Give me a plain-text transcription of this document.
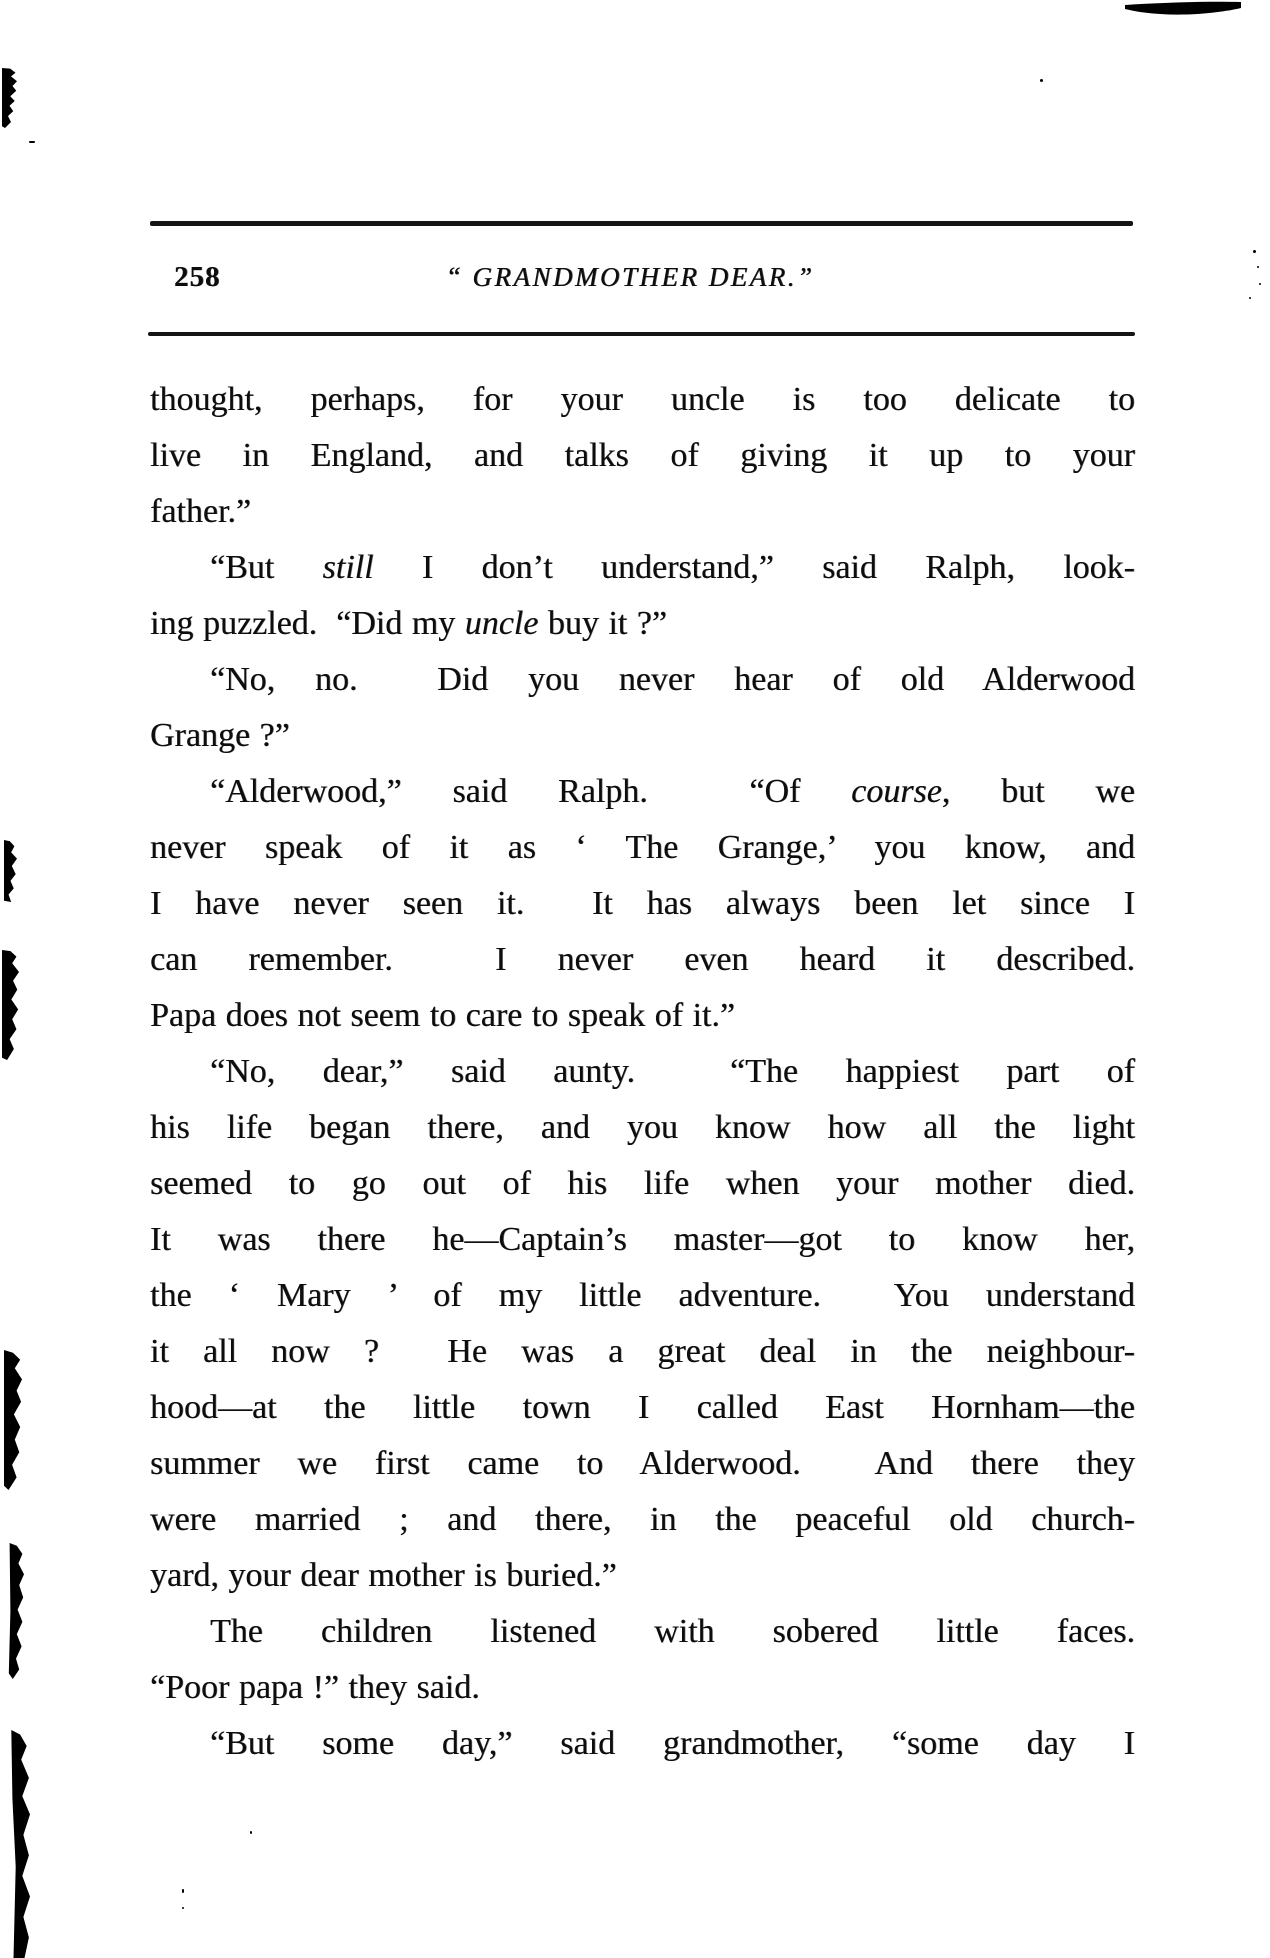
258	“ GRANDMOTHER DEAR.”
thought, perhaps, for your uncle is too delicate to
live in England, and talks of giving it up to your
father.”
“But still I don’t understand,” said Ralph, look-
ing puzzled.  “Did my uncle buy it ?”
“No, no.  Did you never hear of old Alderwood
Grange ?”
“Alderwood,” said Ralph.  “Of course, but we
never speak of it as ‘ The Grange,’ you know, and
I have never seen it.  It has always been let since I
can remember.  I never even heard it described.
Papa does not seem to care to speak of it.”
“No, dear,” said aunty.  “The happiest part of
his life began there, and you know how all the light
seemed to go out of his life when your mother died.
It was there he—Captain’s master—got to know her,
the ‘ Mary ’ of my little adventure.  You understand
it all now ?  He was a great deal in the neighbour-
hood—at the little town I called East Hornham—the
summer we first came to Alderwood.  And there they
were married ; and there, in the peaceful old church-
yard, your dear mother is buried.”
The children listened with sobered little faces.
“Poor papa !” they said.
“But some day,” said grandmother, “some day I
